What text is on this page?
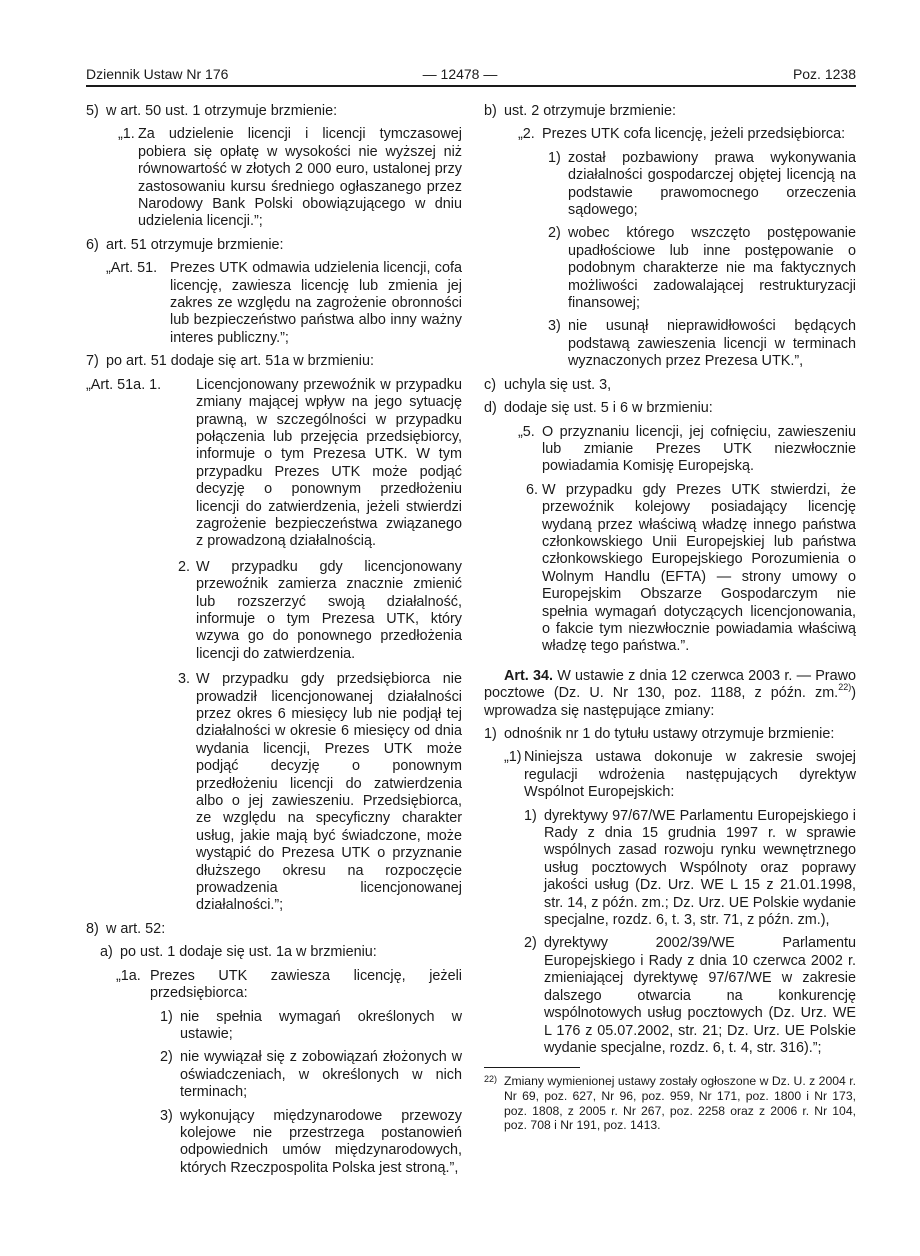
Dziennik Ustaw Nr 176	— 12478 —	Poz. 1238
5) w art. 50 ust. 1 otrzymuje brzmienie:
„1. Za udzielenie licencji i licencji tymczasowej pobiera się opłatę w wysokości nie wyższej niż równowartość w złotych 2 000 euro, ustalonej przy zastosowaniu kursu średniego ogłaszanego przez Narodowy Bank Polski obowiązującego w dniu udzielenia licencji.”;
6) art. 51 otrzymuje brzmienie:
„Art. 51. Prezes UTK odmawia udzielenia licencji, cofa licencję, zawiesza licencję lub zmienia jej zakres ze względu na zagrożenie obronności lub bezpieczeństwo państwa albo inny ważny interes publiczny.”;
7) po art. 51 dodaje się art. 51a w brzmieniu:
„Art. 51a. 1. Licencjonowany przewoźnik w przypadku zmiany mającej wpływ na jego sytuację prawną, w szczególności w przypadku połączenia lub przejęcia przedsiębiorcy, informuje o tym Prezesa UTK. W tym przypadku Prezes UTK może podjąć decyzję o ponownym przedłożeniu licencji do zatwierdzenia, jeżeli stwierdzi zagrożenie bezpieczeństwa związanego z prowadzoną działalnością.
2. W przypadku gdy licencjonowany przewoźnik zamierza znacznie zmienić lub rozszerzyć swoją działalność, informuje o tym Prezesa UTK, który wzywa go do ponownego przedłożenia licencji do zatwierdzenia.
3. W przypadku gdy przedsiębiorca nie prowadził licencjonowanej działalności przez okres 6 miesięcy lub nie podjął tej działalności w okresie 6 miesięcy od dnia wydania licencji, Prezes UTK może podjąć decyzję o ponownym przedłożeniu licencji do zatwierdzenia albo o jej zawieszeniu. Przedsiębiorca, ze względu na specyficzny charakter usług, jakie mają być świadczone, może wystąpić do Prezesa UTK o przyznanie dłuższego okresu na rozpoczęcie prowadzenia licencjonowanej działalności.”;
8) w art. 52:
a) po ust. 1 dodaje się ust. 1a w brzmieniu:
„1a. Prezes UTK zawiesza licencję, jeżeli przedsiębiorca:
1) nie spełnia wymagań określonych w ustawie;
2) nie wywiązał się z zobowiązań złożonych w oświadczeniach, w określonych w nich terminach;
3) wykonujący międzynarodowe przewozy kolejowe nie przestrzega postanowień odpowiednich umów międzynarodowych, których Rzeczpospolita Polska jest stroną.”,
b) ust. 2 otrzymuje brzmienie:
„2. Prezes UTK cofa licencję, jeżeli przedsiębiorca:
1) został pozbawiony prawa wykonywania działalności gospodarczej objętej licencją na podstawie prawomocnego orzeczenia sądowego;
2) wobec którego wszczęto postępowanie upadłościowe lub inne postępowanie o podobnym charakterze nie ma faktycznych możliwości zadowalającej restrukturyzacji finansowej;
3) nie usunął nieprawidłowości będących podstawą zawieszenia licencji w terminach wyznaczonych przez Prezesa UTK.”,
c) uchyla się ust. 3,
d) dodaje się ust. 5 i 6 w brzmieniu:
„5. O przyznaniu licencji, jej cofnięciu, zawieszeniu lub zmianie Prezes UTK niezwłocznie powiadamia Komisję Europejską.
6. W przypadku gdy Prezes UTK stwierdzi, że przewoźnik kolejowy posiadający licencję wydaną przez właściwą władzę innego państwa członkowskiego Unii Europejskiej lub państwa członkowskiego Europejskiego Porozumienia o Wolnym Handlu (EFTA) — strony umowy o Europejskim Obszarze Gospodarczym nie spełnia wymagań dotyczących licencjonowania, o fakcie tym niezwłocznie powiadamia właściwą władzę tego państwa.”.
Art. 34. W ustawie z dnia 12 czerwca 2003 r. — Prawo pocztowe (Dz. U. Nr 130, poz. 1188, z późn. zm.$^{22)}$) wprowadza się następujące zmiany:
1) odnośnik nr 1 do tytułu ustawy otrzymuje brzmienie:
„1) Niniejsza ustawa dokonuje w zakresie swojej regulacji wdrożenia następujących dyrektyw Wspólnot Europejskich:
1) dyrektywy 97/67/WE Parlamentu Europejskiego i Rady z dnia 15 grudnia 1997 r. w sprawie wspólnych zasad rozwoju rynku wewnętrznego usług pocztowych Wspólnoty oraz poprawy jakości usług (Dz. Urz. WE L 15 z 21.01.1998, str. 14, z późn. zm.; Dz. Urz. UE Polskie wydanie specjalne, rozdz. 6, t. 3, str. 71, z późn. zm.),
2) dyrektywy 2002/39/WE Parlamentu Europejskiego i Rady z dnia 10 czerwca 2002 r. zmieniającej dyrektywę 97/67/WE w zakresie dalszego otwarcia na konkurencję wspólnotowych usług pocztowych (Dz. Urz. WE L 176 z 05.07.2002, str. 21; Dz. Urz. UE Polskie wydanie specjalne, rozdz. 6, t. 4, str. 316).”;
22) Zmiany wymienionej ustawy zostały ogłoszone w Dz. U. z 2004 r. Nr 69, poz. 627, Nr 96, poz. 959, Nr 171, poz. 1800 i Nr 173, poz. 1808, z 2005 r. Nr 267, poz. 2258 oraz z 2006 r. Nr 104, poz. 708 i Nr 191, poz. 1413.
